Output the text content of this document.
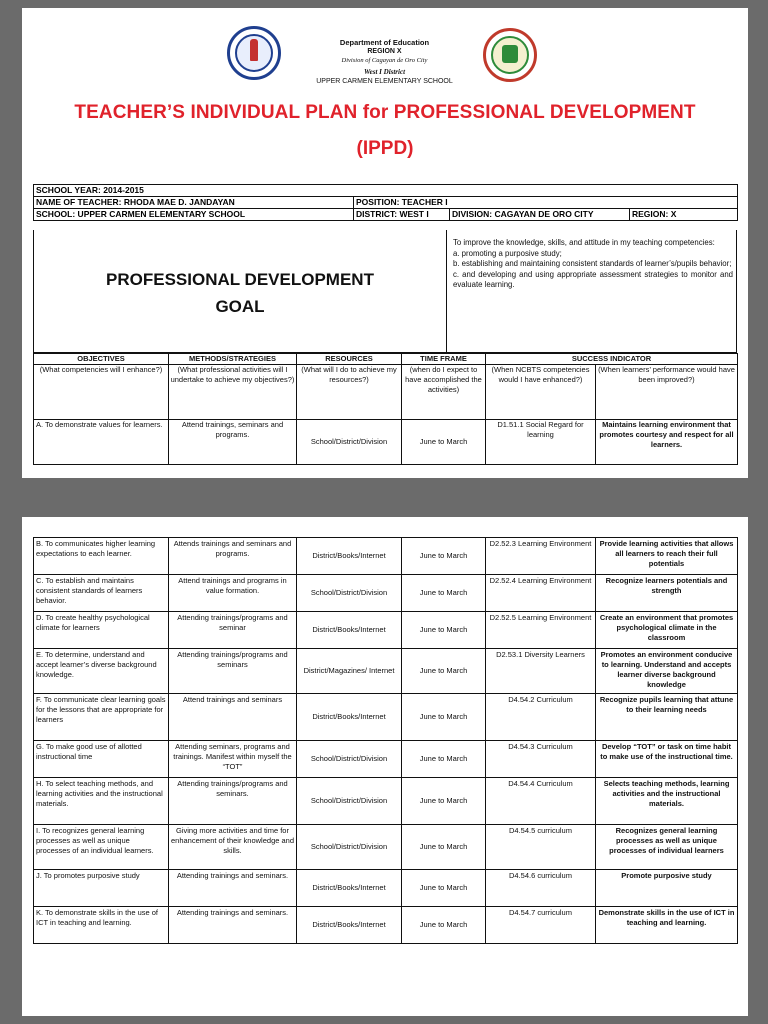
Department of Education
REGION X
Division of Cagayan de Oro City
West I District
UPPER CARMEN ELEMENTARY SCHOOL
TEACHER’S INDIVIDUAL PLAN for PROFESSIONAL DEVELOPMENT
(IPPD)
SCHOOL YEAR: 2014-2015			
NAME OF TEACHER: RHODA MAE D. JANDAYAN	POSITION: TEACHER I		
SCHOOL: UPPER CARMEN ELEMENTARY SCHOOL	DISTRICT: WEST I	DIVISION: CAGAYAN DE ORO CITY	REGION: X
PROFESSIONAL DEVELOPMENT
GOAL
To improve the knowledge, skills, and attitude in my teaching competencies:
a. promoting a purposive study;
b. establishing and maintaining consistent standards of learner’s/pupils behavior;
c. and developing and using appropriate assessment strategies to monitor and evaluate learning.
OBJECTIVES	METHODS/STRATEGIES	RESOURCES	TIME FRAME	SUCCESS INDICATOR	
(What competencies will I enhance?)	(What professional activities will I undertake to achieve my objectives?)	(What will I do to achieve my resources?)	(when do I expect to have accomplished the activities)	(When NCBTS competencies would I have enhanced?)	(When learners’ performance would have been improved?)
A. To demonstrate values for learners.	Attend trainings, seminars and programs.	School/District/Division	June to March	D1.51.1 Social Regard for learning	Maintains learning environment that promotes courtesy and respect for all learners.
B. To communicates higher learning expectations to each learner.	Attends trainings and seminars and programs.	District/Books/Internet	June to March	D2.52.3 Learning Environment	Provide learning activities that allows all learners to reach their full potentials
C. To establish and maintains consistent standards of learners behavior.	Attend trainings and programs in value formation.	School/District/Division	June to March	D2.52.4 Learning Environment	Recognize learners potentials and strength
D. To create healthy psychological climate for learners	Attending trainings/programs and seminar	District/Books/Internet	June to March	D2.52.5 Learning Environment	Create an environment that promotes psychological climate in the classroom
E. To determine, understand and accept learner’s diverse background knowledge.	Attending trainings/programs and seminars	District/Magazines/ Internet	June to March	D2.53.1 Diversity Learners	Promotes an environment conducive to learning. Understand and accepts learner diverse background knowledge
F. To communicate clear learning goals for the lessons that are appropriate for learners	Attend trainings and seminars	District/Books/Internet	June to March	D4.54.2 Curriculum	Recognize pupils learning that attune to their learning needs
G. To make good use of allotted instructional time	Attending seminars, programs and trainings. Manifest within myself the “TOT”	School/District/Division	June to March	D4.54.3 Curriculum	Develop “TOT” or task on time habit to make use of the instructional time.
H. To select teaching methods, and learning activities and the instructional materials.	Attending trainings/programs and seminars.	School/District/Division	June to March	D4.54.4 Curriculum	Selects teaching methods, learning activities and the instructional materials.
I. To recognizes general learning processes as well as unique processes of an individual learners.	Giving more activities and time for enhancement of their knowledge and skills.	School/District/Division	June to March	D4.54.5 curriculum	Recognizes general learning processes as well as unique processes of individual learners
J. To promotes purposive study	Attending trainings and seminars.	District/Books/Internet	June to March	D4.54.6 curriculum	Promote purposive study
K. To demonstrate skills in the use of ICT in teaching and learning.	Attending trainings and seminars.	District/Books/Internet	June to March	D4.54.7 curriculum	Demonstrate skills in the use of ICT in teaching and learning.
